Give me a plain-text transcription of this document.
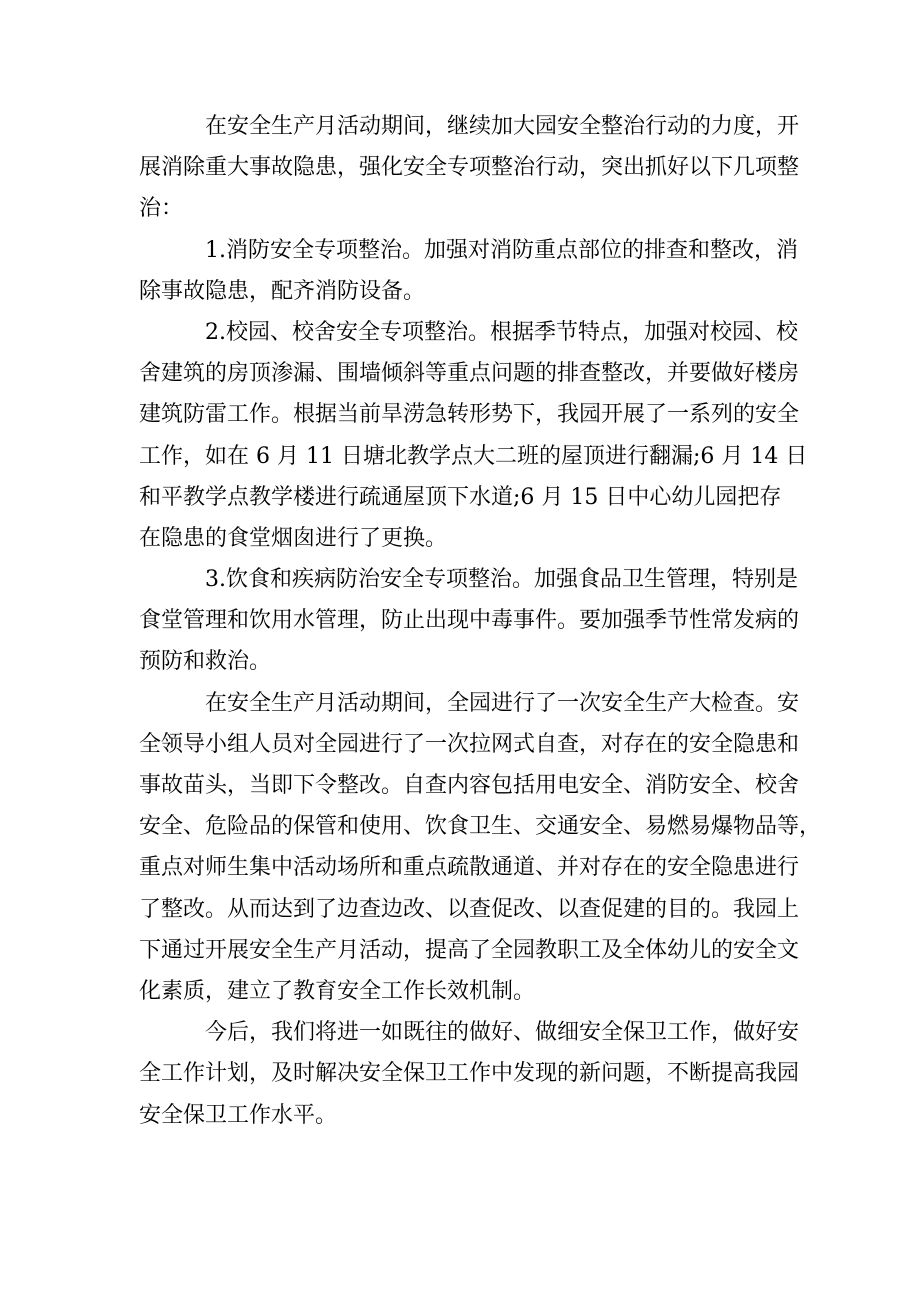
在安全生产月活动期间，继续加大园安全整治行动的力度，开
展消除重大事故隐患，强化安全专项整治行动，突出抓好以下几项整
治：
1.消防安全专项整治。加强对消防重点部位的排查和整改，消
除事故隐患，配齐消防设备。
2.校园、校舍安全专项整治。根据季节特点，加强对校园、校
舍建筑的房顶渗漏、围墙倾斜等重点问题的排查整改，并要做好楼房
建筑防雷工作。根据当前旱涝急转形势下，我园开展了一系列的安全
工作，如在 6 月 11 日塘北教学点大二班的屋顶进行翻漏;6 月 14 日
和平教学点教学楼进行疏通屋顶下水道;6 月 15 日中心幼儿园把存
在隐患的食堂烟囱进行了更换。
3.饮食和疾病防治安全专项整治。加强食品卫生管理，特别是
食堂管理和饮用水管理，防止出现中毒事件。要加强季节性常发病的
预防和救治。
在安全生产月活动期间，全园进行了一次安全生产大检查。安
全领导小组人员对全园进行了一次拉网式自查，对存在的安全隐患和
事故苗头，当即下令整改。自查内容包括用电安全、消防安全、校舍
安全、危险品的保管和使用、饮食卫生、交通安全、易燃易爆物品等，
重点对师生集中活动场所和重点疏散通道、并对存在的安全隐患进行
了整改。从而达到了边查边改、以查促改、以查促建的目的。我园上
下通过开展安全生产月活动，提高了全园教职工及全体幼儿的安全文
化素质，建立了教育安全工作长效机制。
今后，我们将进一如既往的做好、做细安全保卫工作，做好安
全工作计划，及时解决安全保卫工作中发现的新问题，不断提高我园
安全保卫工作水平。
